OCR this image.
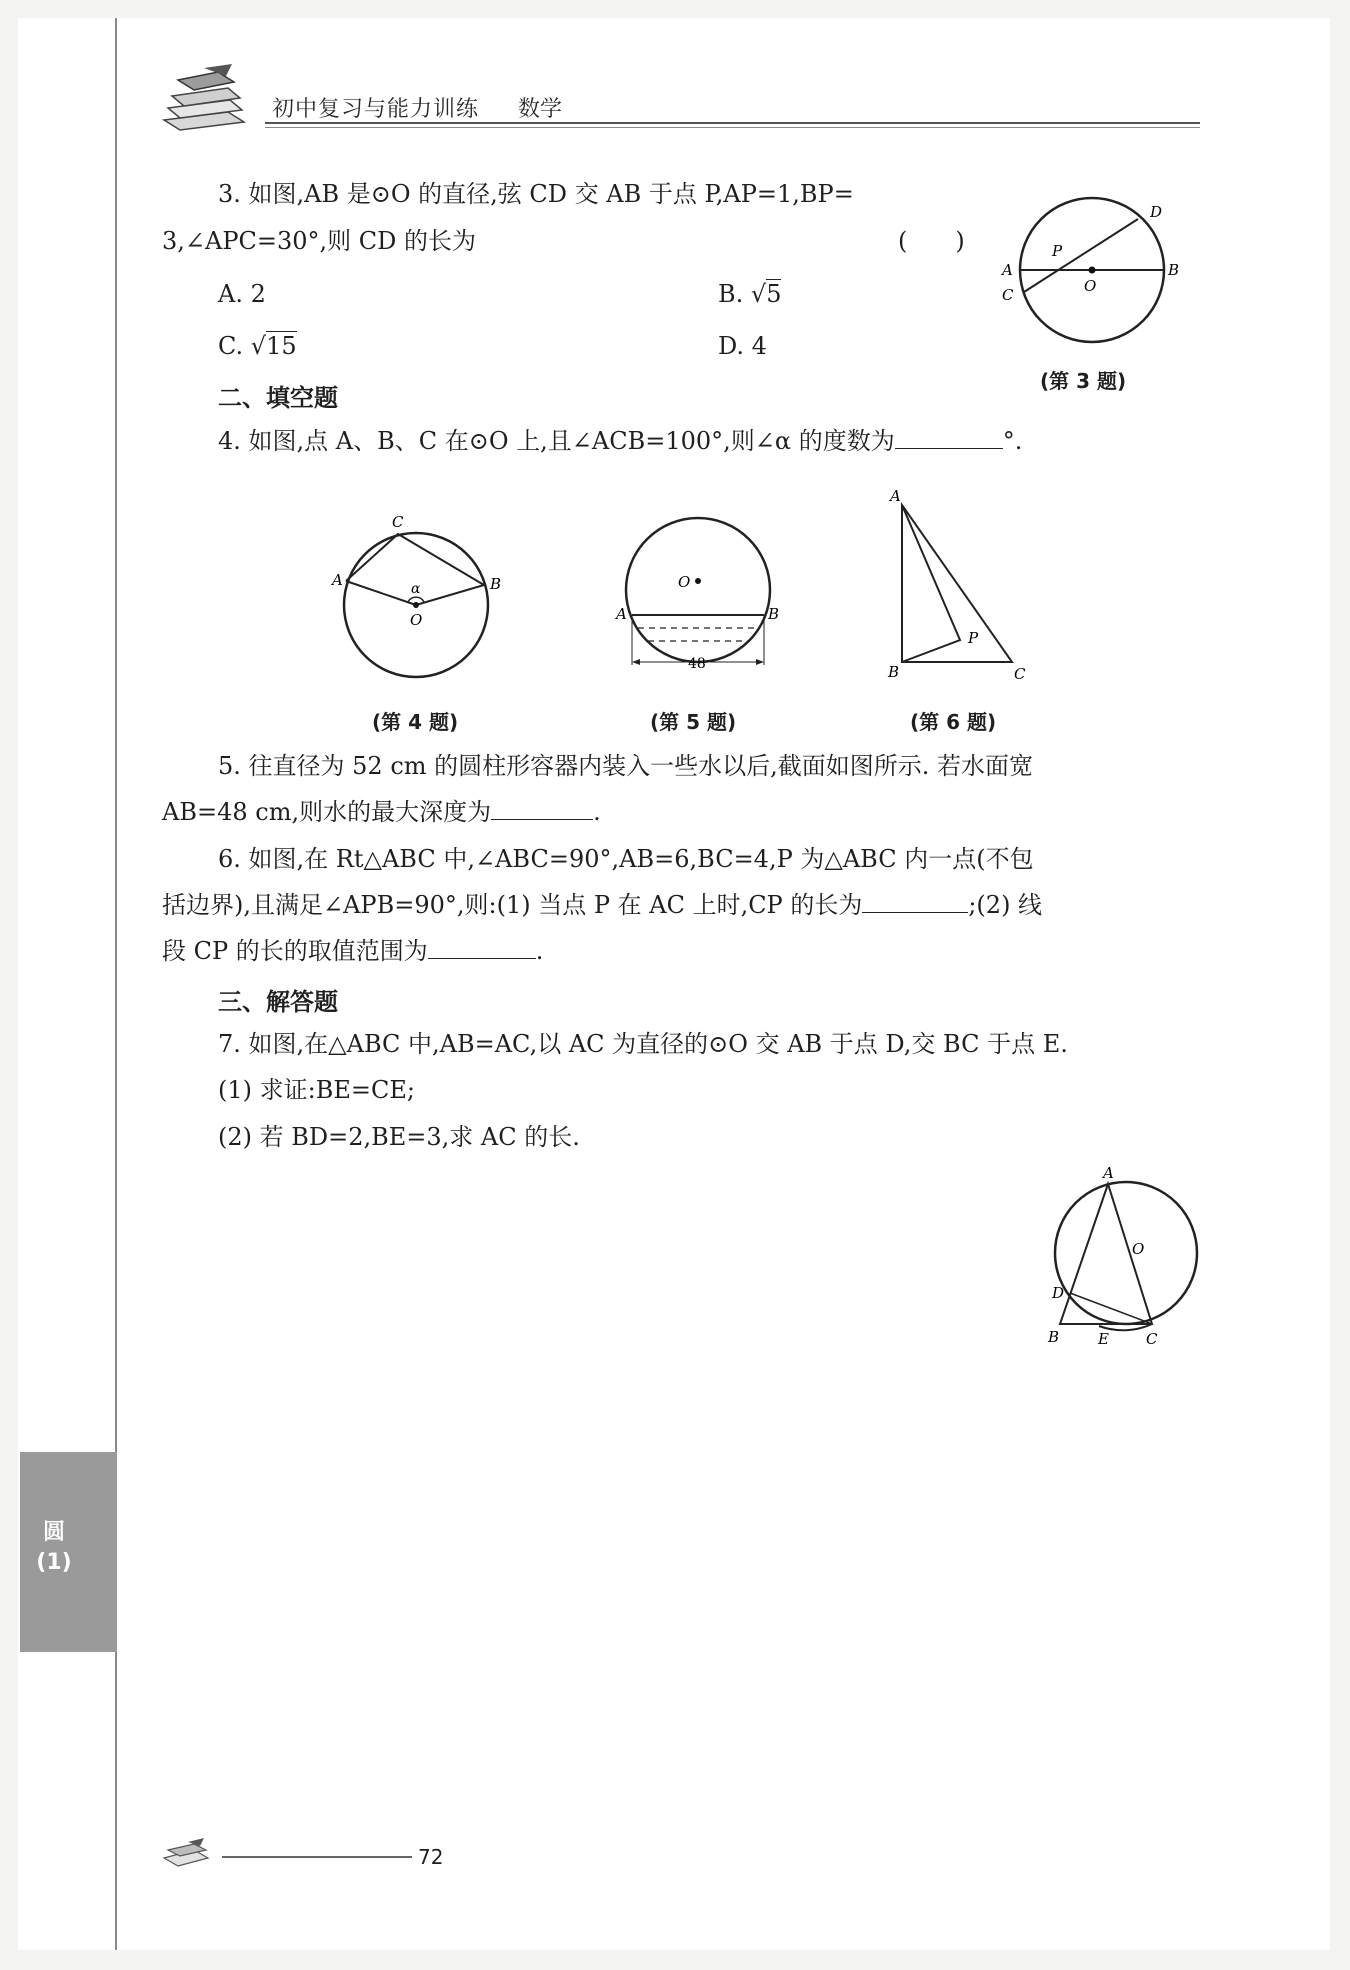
初中复习与能力训练 数学
3. 如图,AB 是⊙O 的直径,弦 CD 交 AB 于点 P,AP=1,BP=
3,∠APC=30°,则 CD 的长为	(　　)
A. 2	B. √5
C. √15	D. 4
D
P
A
C	O
B
(第 3 题)
二、填空题
4. 如图,点 A、B、C 在⊙O 上,且∠ACB=100°,则∠α 的度数为	°.
C
A	B
α
O
(第 4 题)
O
A	B
48
(第 5 题)
A
B	C
P
(第 6 题)
5. 往直径为 52 cm 的圆柱形容器内装入一些水以后,截面如图所示. 若水面宽
AB=48 cm,则水的最大深度为	.
6. 如图,在 Rt△ABC 中,∠ABC=90°,AB=6,BC=4,P 为△ABC 内一点(不包
括边界),且满足∠APB=90°,则:(1) 当点 P 在 AC 上时,CP 的长为	;(2) 线
段 CP 的长的取值范围为	.
三、解答题
7. 如图,在△ABC 中,AB=AC,以 AC 为直径的⊙O 交 AB 于点 D,交 BC 于点 E.
(1) 求证:BE=CE;
(2) 若 BD=2,BE=3,求 AC 的长.
A
O
D
B	E C
圆
(1)
72
